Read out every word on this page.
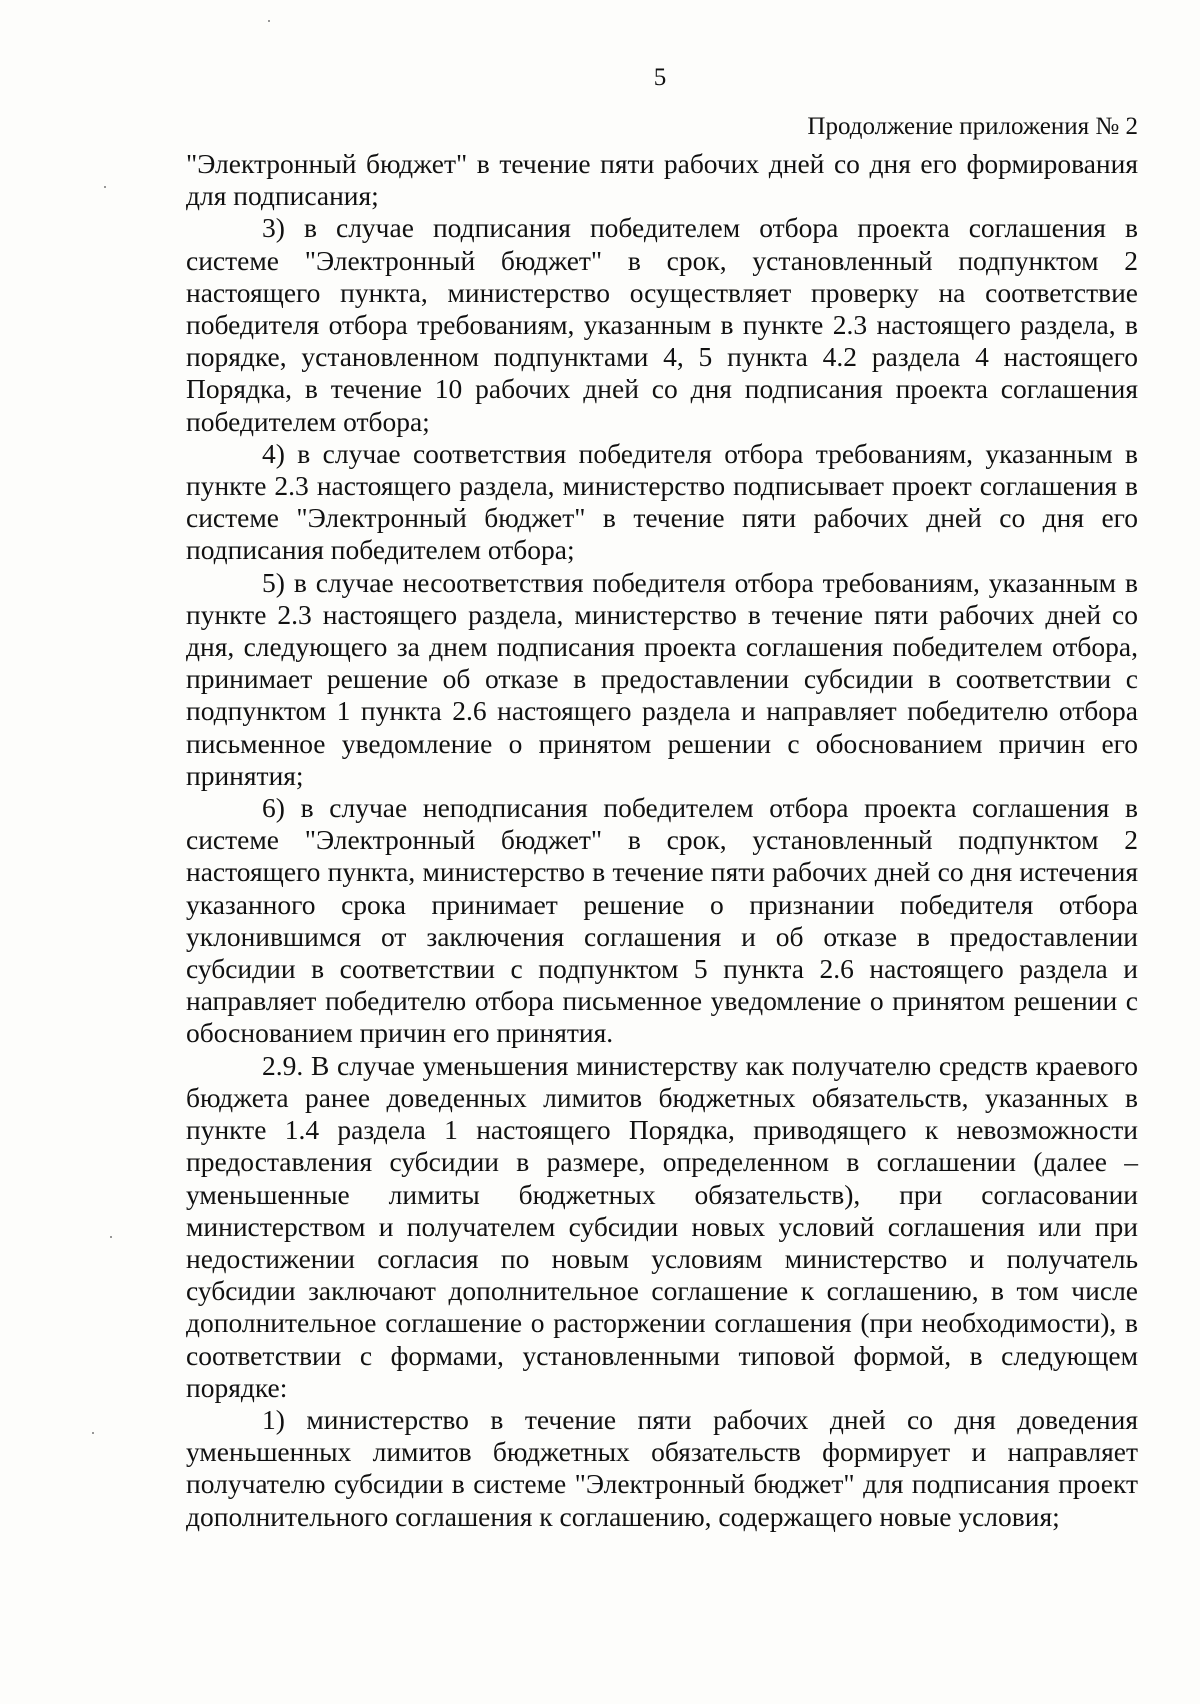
5
Продолжение приложения № 2

"Электронный бюджет" в течение пяти рабочих дней со дня его формирования для подписания;

3) в случае подписания победителем отбора проекта соглашения в системе "Электронный бюджет" в срок, установленный подпунктом 2 настоящего пункта, министерство осуществляет проверку на соответствие победителя отбора требованиям, указанным в пункте 2.3 настоящего раздела, в порядке, установленном подпунктами 4, 5 пункта 4.2 раздела 4 настоящего Порядка, в течение 10 рабочих дней со дня подписания проекта соглашения победителем отбора;

4) в случае соответствия победителя отбора требованиям, указанным в пункте 2.3 настоящего раздела, министерство подписывает проект соглашения в системе "Электронный бюджет" в течение пяти рабочих дней со дня его подписания победителем отбора;

5) в случае несоответствия победителя отбора требованиям, указанным в пункте 2.3 настоящего раздела, министерство в течение пяти рабочих дней со дня, следующего за днем подписания проекта соглашения победителем отбора, принимает решение об отказе в предоставлении субсидии в соответствии с подпунктом 1 пункта 2.6 настоящего раздела и направляет победителю отбора письменное уведомление о принятом решении с обоснованием причин его принятия;

6) в случае неподписания победителем отбора проекта соглашения в системе "Электронный бюджет" в срок, установленный подпунктом 2 настоящего пункта, министерство в течение пяти рабочих дней со дня истечения указанного срока принимает решение о признании победителя отбора уклонившимся от заключения соглашения и об отказе в предоставлении субсидии в соответствии с подпунктом 5 пункта 2.6 настоящего раздела и направляет победителю отбора письменное уведомление о принятом решении с обоснованием причин его принятия.

2.9. В случае уменьшения министерству как получателю средств краевого бюджета ранее доведенных лимитов бюджетных обязательств, указанных в пункте 1.4 раздела 1 настоящего Порядка, приводящего к невозможности предоставления субсидии в размере, определенном в соглашении (далее – уменьшенные лимиты бюджетных обязательств), при согласовании министерством и получателем субсидии новых условий соглашения или при недостижении согласия по новым условиям министерство и получатель субсидии заключают дополнительное соглашение к соглашению, в том числе дополнительное соглашение о расторжении соглашения (при необходимости), в соответствии с формами, установленными типовой формой, в следующем порядке:

1) министерство в течение пяти рабочих дней со дня доведения уменьшенных лимитов бюджетных обязательств формирует и направляет получателю субсидии в системе "Электронный бюджет" для подписания проект дополнительного соглашения к соглашению, содержащего новые условия;
